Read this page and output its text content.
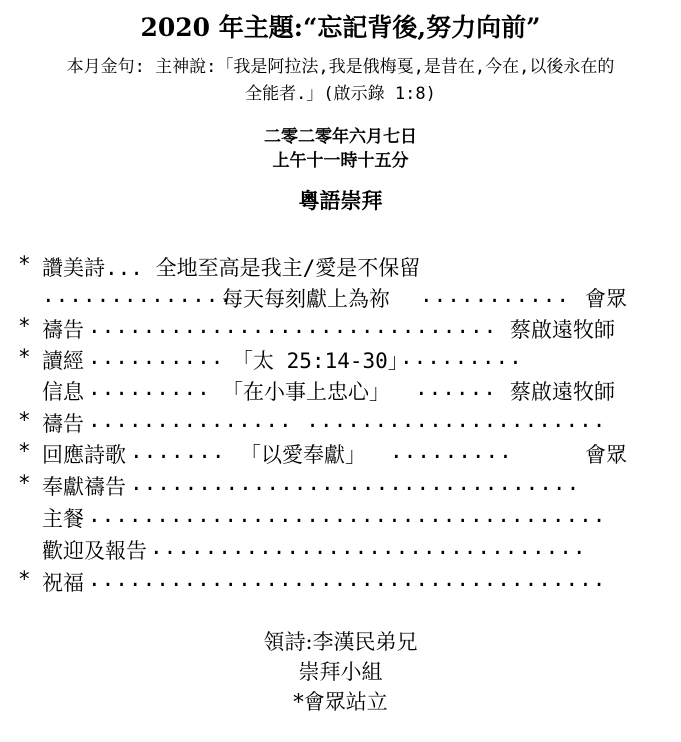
2020 年主題:“忘記背後,努力向前”
本月金句: 主神說:「我是阿拉法,我是俄梅戛,是昔在,今在,以後永在的
全能者.」(啟示錄 1:8)
二零二零年六月七日
上午十一時十五分
粵語崇拜
* 讚美詩... 全地至高是我主/愛是不保留
..............
每天每刻獻上為祢 ........... 會眾
* 禱告 .............................. 蔡啟遠牧師
* 讀經 .......... 「太 25:14-30」
.........
信息 ......... 「在小事上忠心」 ...... 蔡啟遠牧師
* 禱告 ............... ......................
* 回應詩歌 ....... 「以愛奉獻」 .........	會眾
* 奉獻禱告 .................................
主餐 ......................................
歡迎及報告 ................................
* 祝福 ......................................
領詩:李漢民弟兄
崇拜小組
*會眾站立
